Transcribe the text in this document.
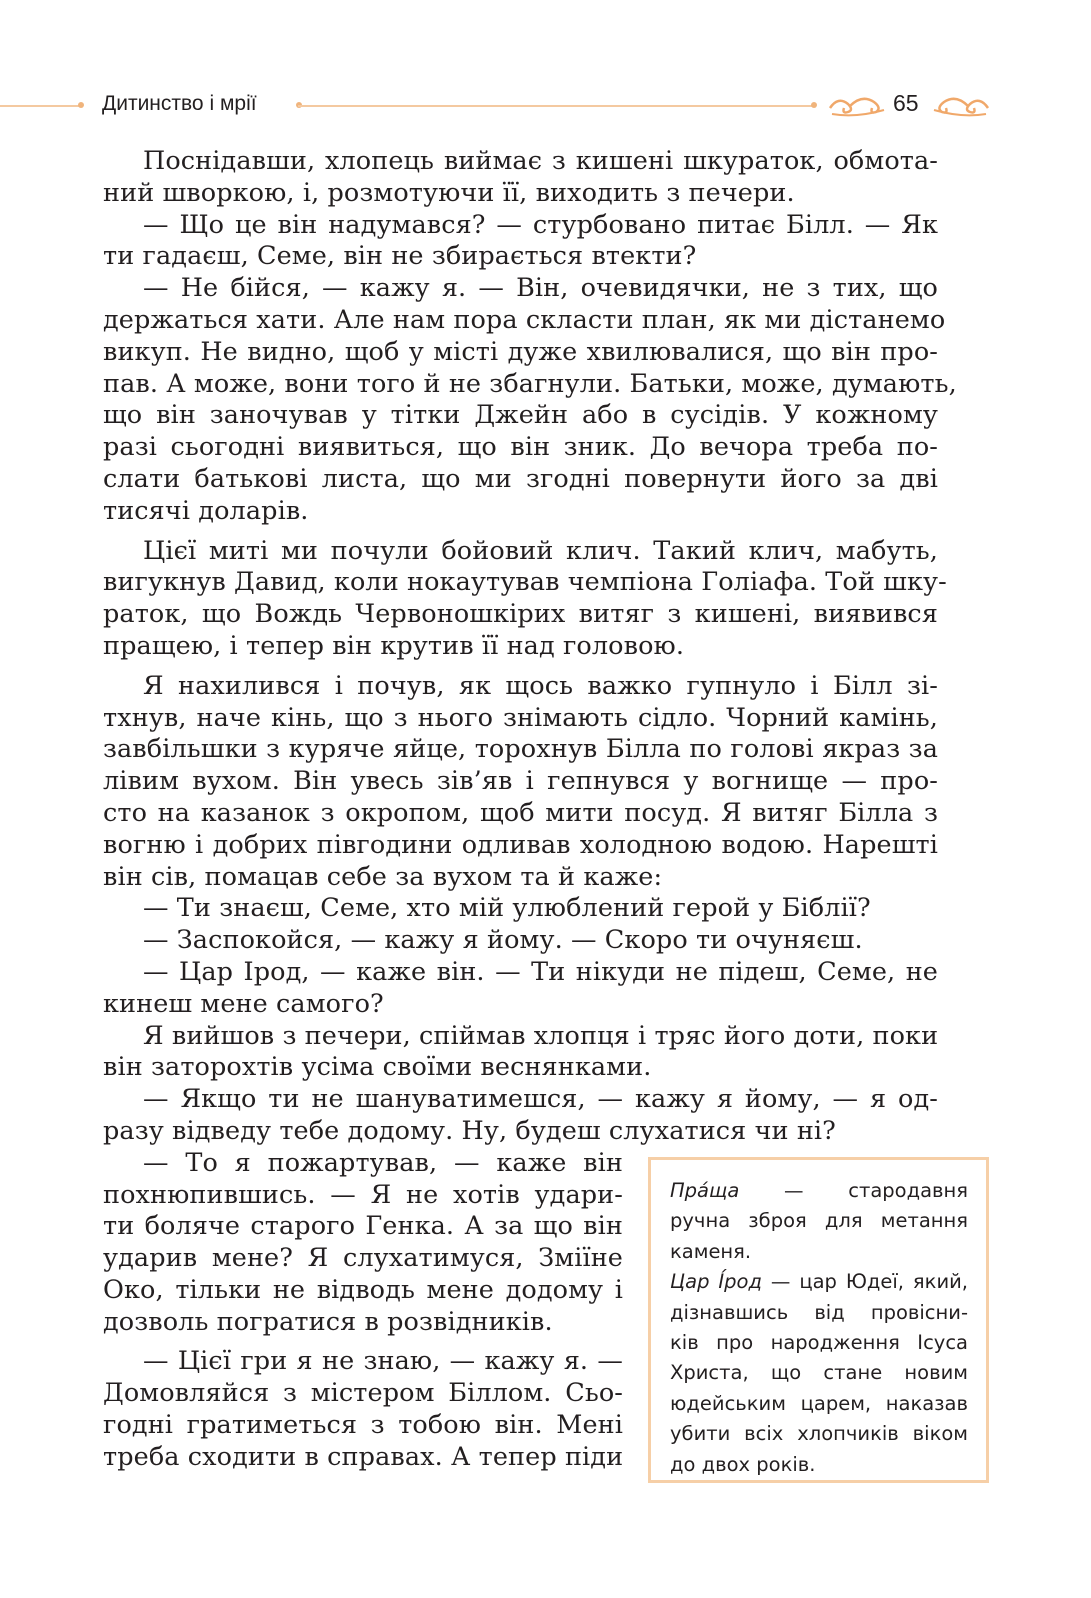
Дитинство і мрії	65
Поснідавши, хлопець виймає з кишені шкураток, обмота-
ний шворкою, і, розмотуючи її, виходить з печери.
— Що це він надумався? — стурбовано питає Білл. — Як
ти гадаєш, Семе, він не збирається втекти?
— Не бійся, — кажу я. — Він, очевидячки, не з тих, що
держаться хати. Але нам пора скласти план, як ми дістанемо
викуп. Не видно, щоб у місті дуже хвилювалися, що він про-
пав. А може, вони того й не збагнули. Батьки, може, думають,
що він заночував у тітки Джейн або в сусідів. У кожному
разі сьогодні виявиться, що він зник. До вечора треба по-
слати батькові листа, що ми згодні повернути його за дві
тисячі доларів.
Цієї миті ми почули бойовий клич. Такий клич, мабуть,
вигукнув Давид, коли нокаутував чемпіона Голіафа. Той шку-
раток, що Вождь Червоношкірих витяг з кишені, виявився
пращею, і тепер він крутив її над головою.
Я нахилився і почув, як щось важко гупнуло і Білл зі-
тхнув, наче кінь, що з нього знімають сідло. Чорний камінь,
завбільшки з куряче яйце, торохнув Білла по голові якраз за
лівим вухом. Він увесь зів’яв і гепнувся у вогнище — про-
сто на казанок з окропом, щоб мити посуд. Я витяг Білла з
вогню і добрих півгодини одливав холодною водою. Нарешті
він сів, помацав себе за вухом та й каже:
— Ти знаєш, Семе, хто мій улюблений герой у Біблії?
— Заспокойся, — кажу я йому. — Скоро ти очуняєш.
— Цар Ірод, — каже він. — Ти нікуди не підеш, Семе, не
кинеш мене самого?
Я вийшов з печери, спіймав хлопця і тряс його доти, поки
він заторохтів усіма своїми веснянками.
— Якщо ти не шануватимешся, — кажу я йому, — я од-
разу відведу тебе додому. Ну, будеш слухатися чи ні?
— То я пожартував, — каже він
похнюпившись. — Я не хотів удари-
ти боляче старого Генка. А за що він
ударив мене? Я слухатимуся, Зміїне
Око, тільки не відводь мене додому і
дозволь погратися в розвідників.
— Цієї гри я не знаю, — кажу я. —
Домовляйся з містером Біллом. Сьо-
годні гратиметься з тобою він. Мені
треба сходити в справах. А тепер піди
Пра́ща — стародавня
ручна зброя для метання
каменя.
Цар І́род — цар Юдеї, який,
дізнавшись від провісни-
ків про народження Ісуса
Христа, що стане новим
юдейським царем, наказав
убити всіх хлопчиків віком
до двох років.
